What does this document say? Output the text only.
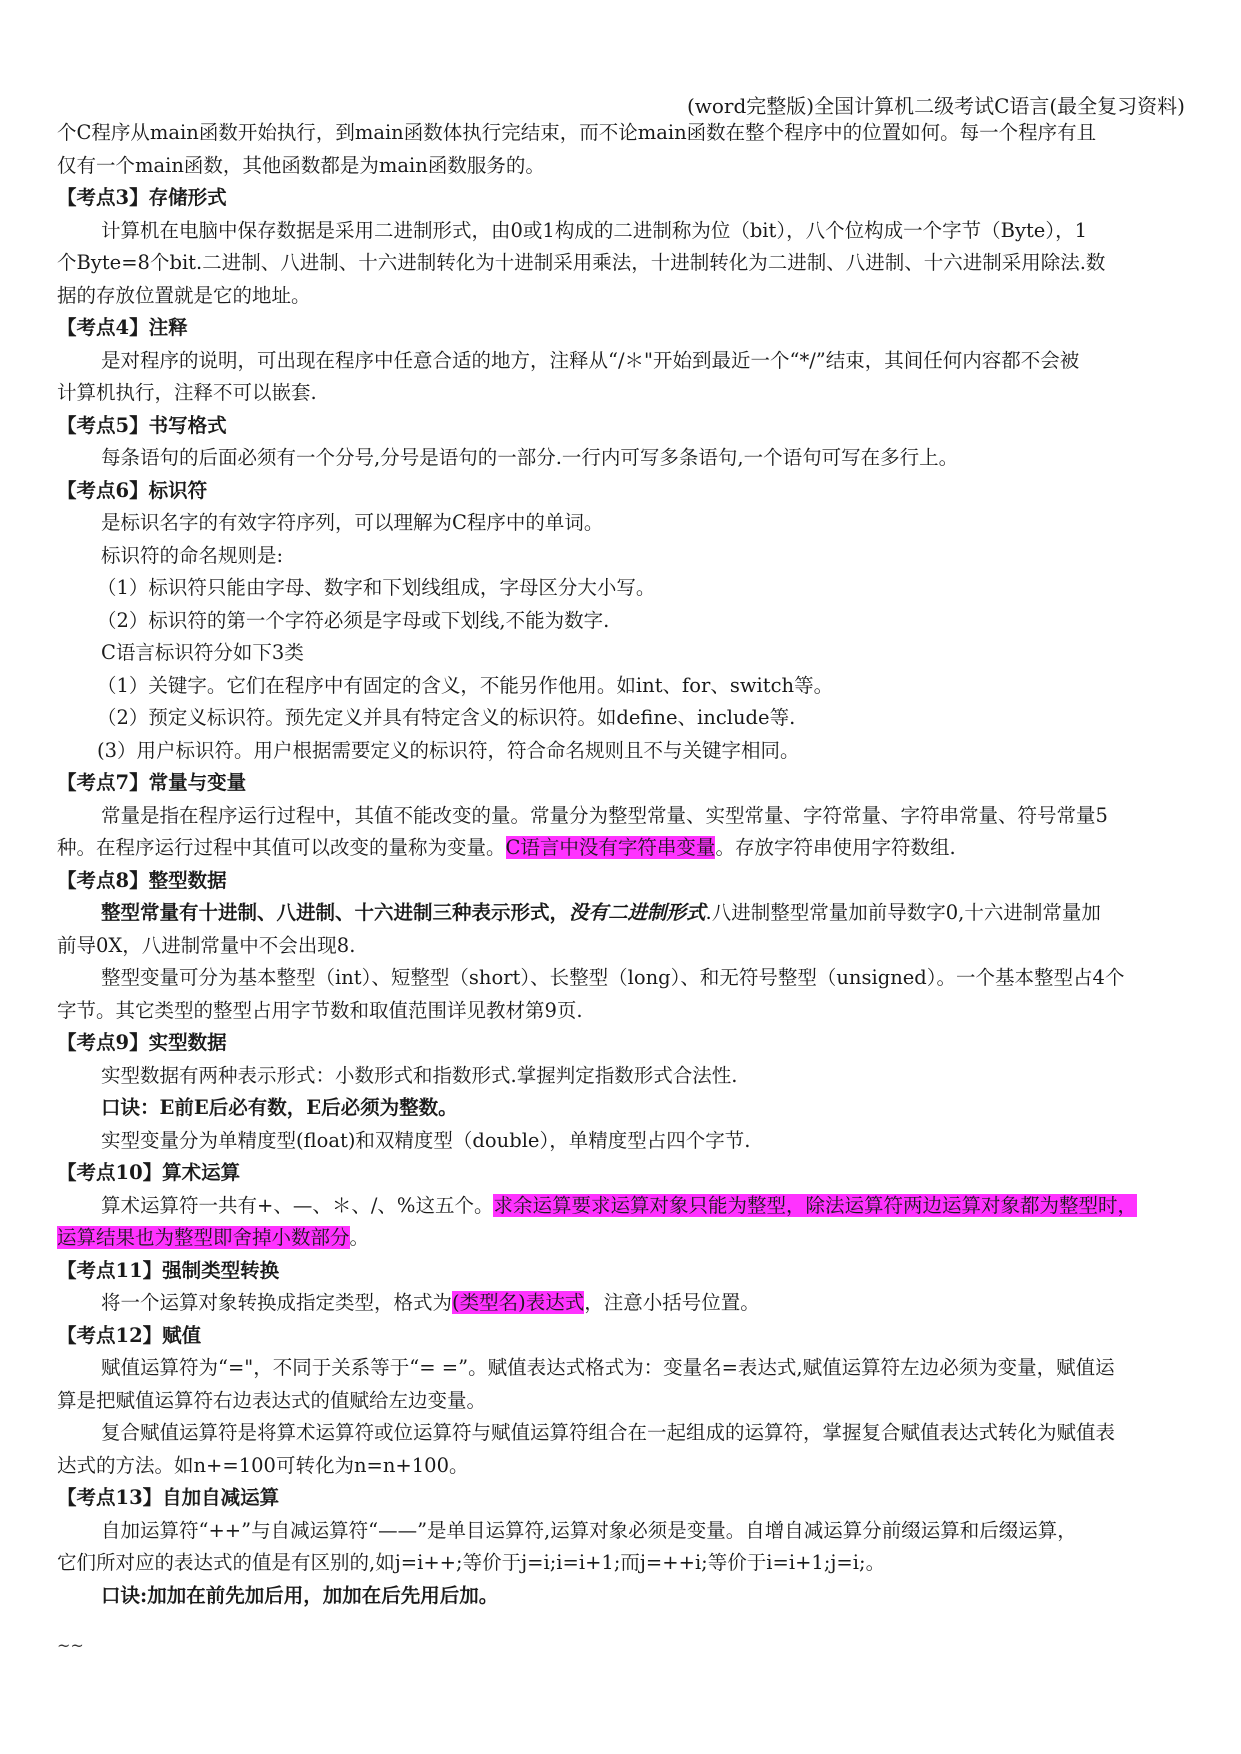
(word完整版)全国计算机二级考试C语言(最全复习资料)
个C程序从main函数开始执行，到main函数体执行完结束，而不论main函数在整个程序中的位置如何。每一个程序有且
仅有一个main函数，其他函数都是为main函数服务的。
【考点3】存储形式
计算机在电脑中保存数据是采用二进制形式，由0或1构成的二进制称为位（bit），八个位构成一个字节（Byte），1
个Byte=8个bit.二进制、八进制、十六进制转化为十进制采用乘法，十进制转化为二进制、八进制、十六进制采用除法.数
据的存放位置就是它的地址。
【考点4】注释
是对程序的说明，可出现在程序中任意合适的地方，注释从“/＊"开始到最近一个“*/”结束，其间任何内容都不会被
计算机执行，注释不可以嵌套.
【考点5】书写格式
每条语句的后面必须有一个分号,分号是语句的一部分.一行内可写多条语句,一个语句可写在多行上。
【考点6】标识符
是标识名字的有效字符序列，可以理解为C程序中的单词。
标识符的命名规则是:
（1）标识符只能由字母、数字和下划线组成，字母区分大小写。
（2）标识符的第一个字符必须是字母或下划线,不能为数字.
C语言标识符分如下3类
（1）关键字。它们在程序中有固定的含义，不能另作他用。如int、for、switch等。
（2）预定义标识符。预先定义并具有特定含义的标识符。如define、include等.
(3）用户标识符。用户根据需要定义的标识符，符合命名规则且不与关键字相同。
【考点7】常量与变量
常量是指在程序运行过程中，其值不能改变的量。常量分为整型常量、实型常量、字符常量、字符串常量、符号常量5
种。在程序运行过程中其值可以改变的量称为变量。C语言中没有字符串变量。存放字符串使用字符数组.
【考点8】整型数据
整型常量有十进制、八进制、十六进制三种表示形式，没有二进制形式.八进制整型常量加前导数字0,十六进制常量加
前导0X，八进制常量中不会出现8.
整型变量可分为基本整型（int）、短整型（short）、长整型（long）、和无符号整型（unsigned）。一个基本整型占4个
字节。其它类型的整型占用字节数和取值范围详见教材第9页.
【考点9】实型数据
实型数据有两种表示形式：小数形式和指数形式.掌握判定指数形式合法性.
口诀：E前E后必有数，E后必须为整数。
实型变量分为单精度型(float)和双精度型（double），单精度型占四个字节.
【考点10】算术运算
算术运算符一共有+、—、＊、/、%这五个。求余运算要求运算对象只能为整型，除法运算符两边运算对象都为整型时，
运算结果也为整型即舍掉小数部分。
【考点11】强制类型转换
将一个运算对象转换成指定类型，格式为(类型名)表达式，注意小括号位置。
【考点12】赋值
赋值运算符为“="，不同于关系等于“= =”。赋值表达式格式为：变量名=表达式,赋值运算符左边必须为变量，赋值运
算是把赋值运算符右边表达式的值赋给左边变量。
复合赋值运算符是将算术运算符或位运算符与赋值运算符组合在一起组成的运算符，掌握复合赋值表达式转化为赋值表
达式的方法。如n+=100可转化为n=n+100。
【考点13】自加自减运算
自加运算符“++”与自减运算符“——”是单目运算符,运算对象必须是变量。自增自减运算分前缀运算和后缀运算，
它们所对应的表达式的值是有区别的,如j=i++;等价于j=i;i=i+1;而j=++i;等价于i=i+1;j=i;。
口诀:加加在前先加后用，加加在后先用后加。
~~
